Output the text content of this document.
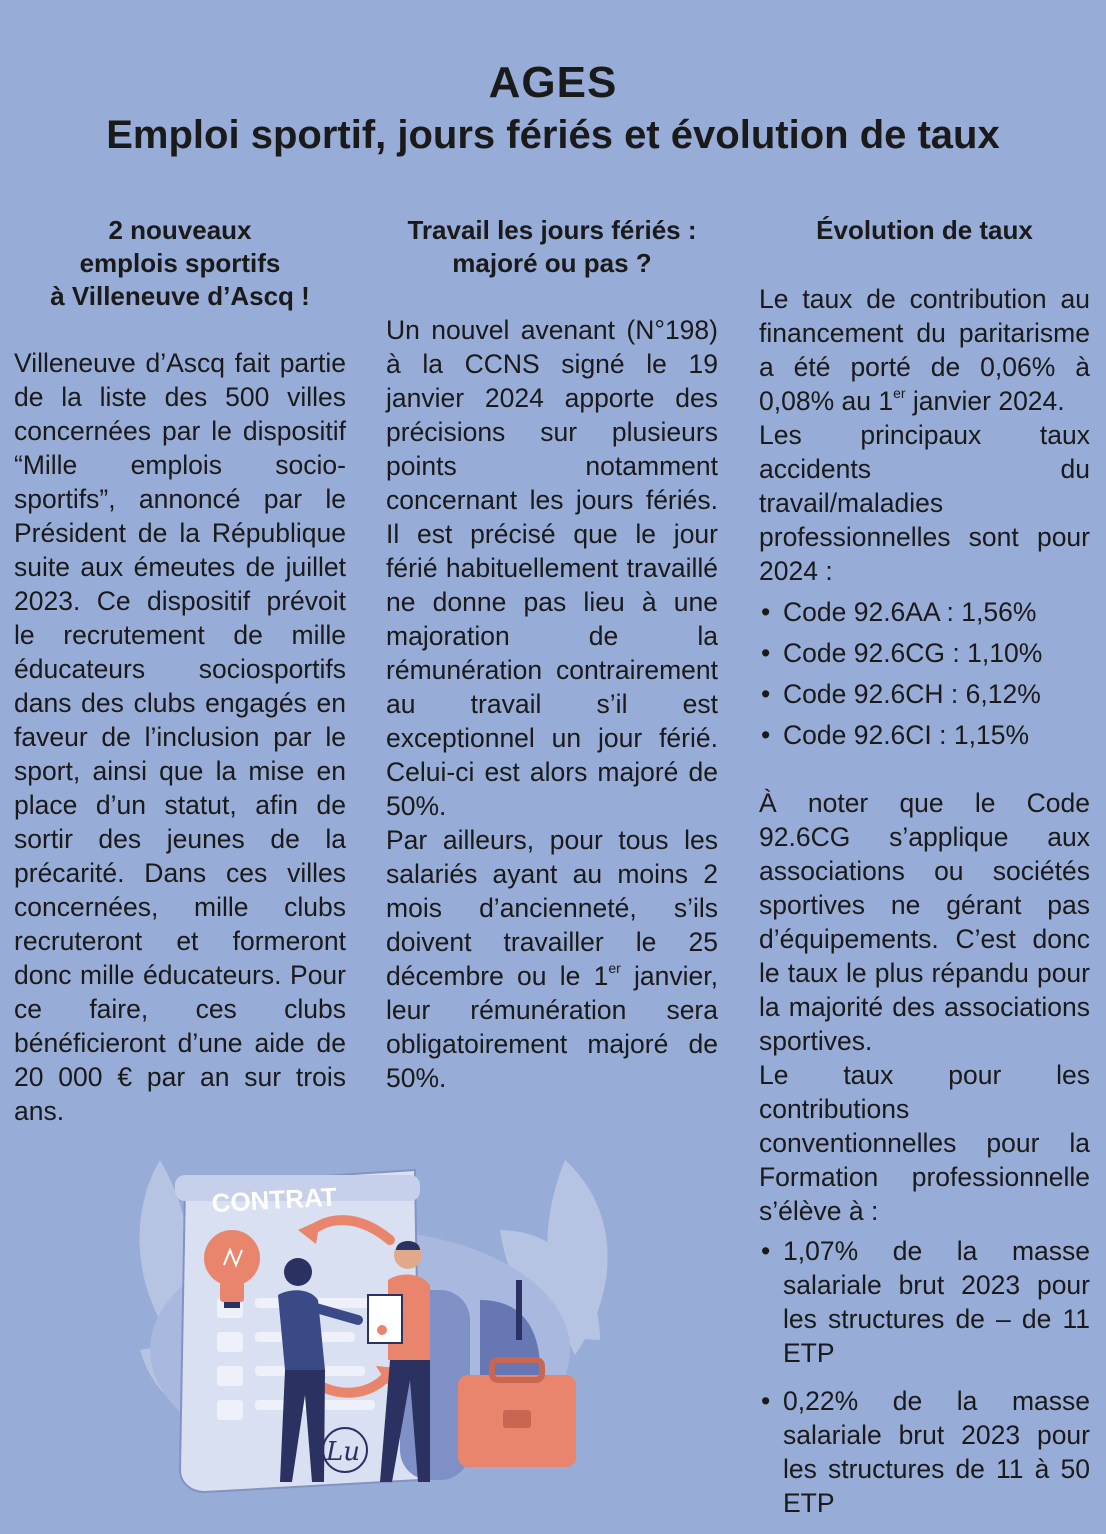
AGES
Emploi sportif, jours fériés et évolution de taux
2 nouveaux
emplois sportifs
à Villeneuve d’Ascq !

Villeneuve d’Ascq fait partie de la liste des 500 villes concernées par le dispositif “Mille emplois socio-sportifs”, annoncé par le Président de la République suite aux émeutes de juillet 2023. Ce dispositif prévoit le recrutement de mille éducateurs sociosportifs dans des clubs engagés en faveur de l’inclusion par le sport, ainsi que la mise en place d’un statut, afin de sortir des jeunes de la précarité. Dans ces villes concernées, mille clubs recruteront et formeront donc mille éducateurs. Pour ce faire, ces clubs bénéficieront d’une aide de 20 000 € par an sur trois ans.

Travail les jours fériés :
majoré ou pas ?

Un nouvel avenant (N°198) à la CCNS signé le 19 janvier 2024 apporte des précisions sur plusieurs points notamment concernant les jours fériés. Il est précisé que le jour férié habituellement travaillé ne donne pas lieu à une majoration de la rémunération contrairement au travail s’il est exceptionnel un jour férié. Celui-ci est alors majoré de 50%.

Par ailleurs, pour tous les salariés ayant au moins 2 mois d’ancienneté, s’ils doivent travailler le 25 décembre ou le 1er janvier, leur rémunération sera obligatoirement majoré de 50%.

Évolution de taux

Le taux de contribution au financement du paritarisme a été porté de 0,06% à 0,08% au 1er janvier 2024.

Les principaux taux accidents du travail/maladies professionnelles sont pour 2024 :

• Code 92.6AA : 1,56%
• Code 92.6CG : 1,10%
• Code 92.6CH : 6,12%
• Code 92.6CI : 1,15%

À noter que le Code 92.6CG s’applique aux associations ou sociétés sportives ne gérant pas d’équipements. C’est donc le taux le plus répandu pour la majorité des associations sportives.

Le taux pour les contributions conventionnelles pour la Formation professionnelle s’élève à :

• 1,07% de la masse salariale brut 2023 pour les structures de – de 11 ETP
• 0,22% de la masse salariale brut 2023 pour les structures de 11 à 50 ETP
CONTRAT
Lu
